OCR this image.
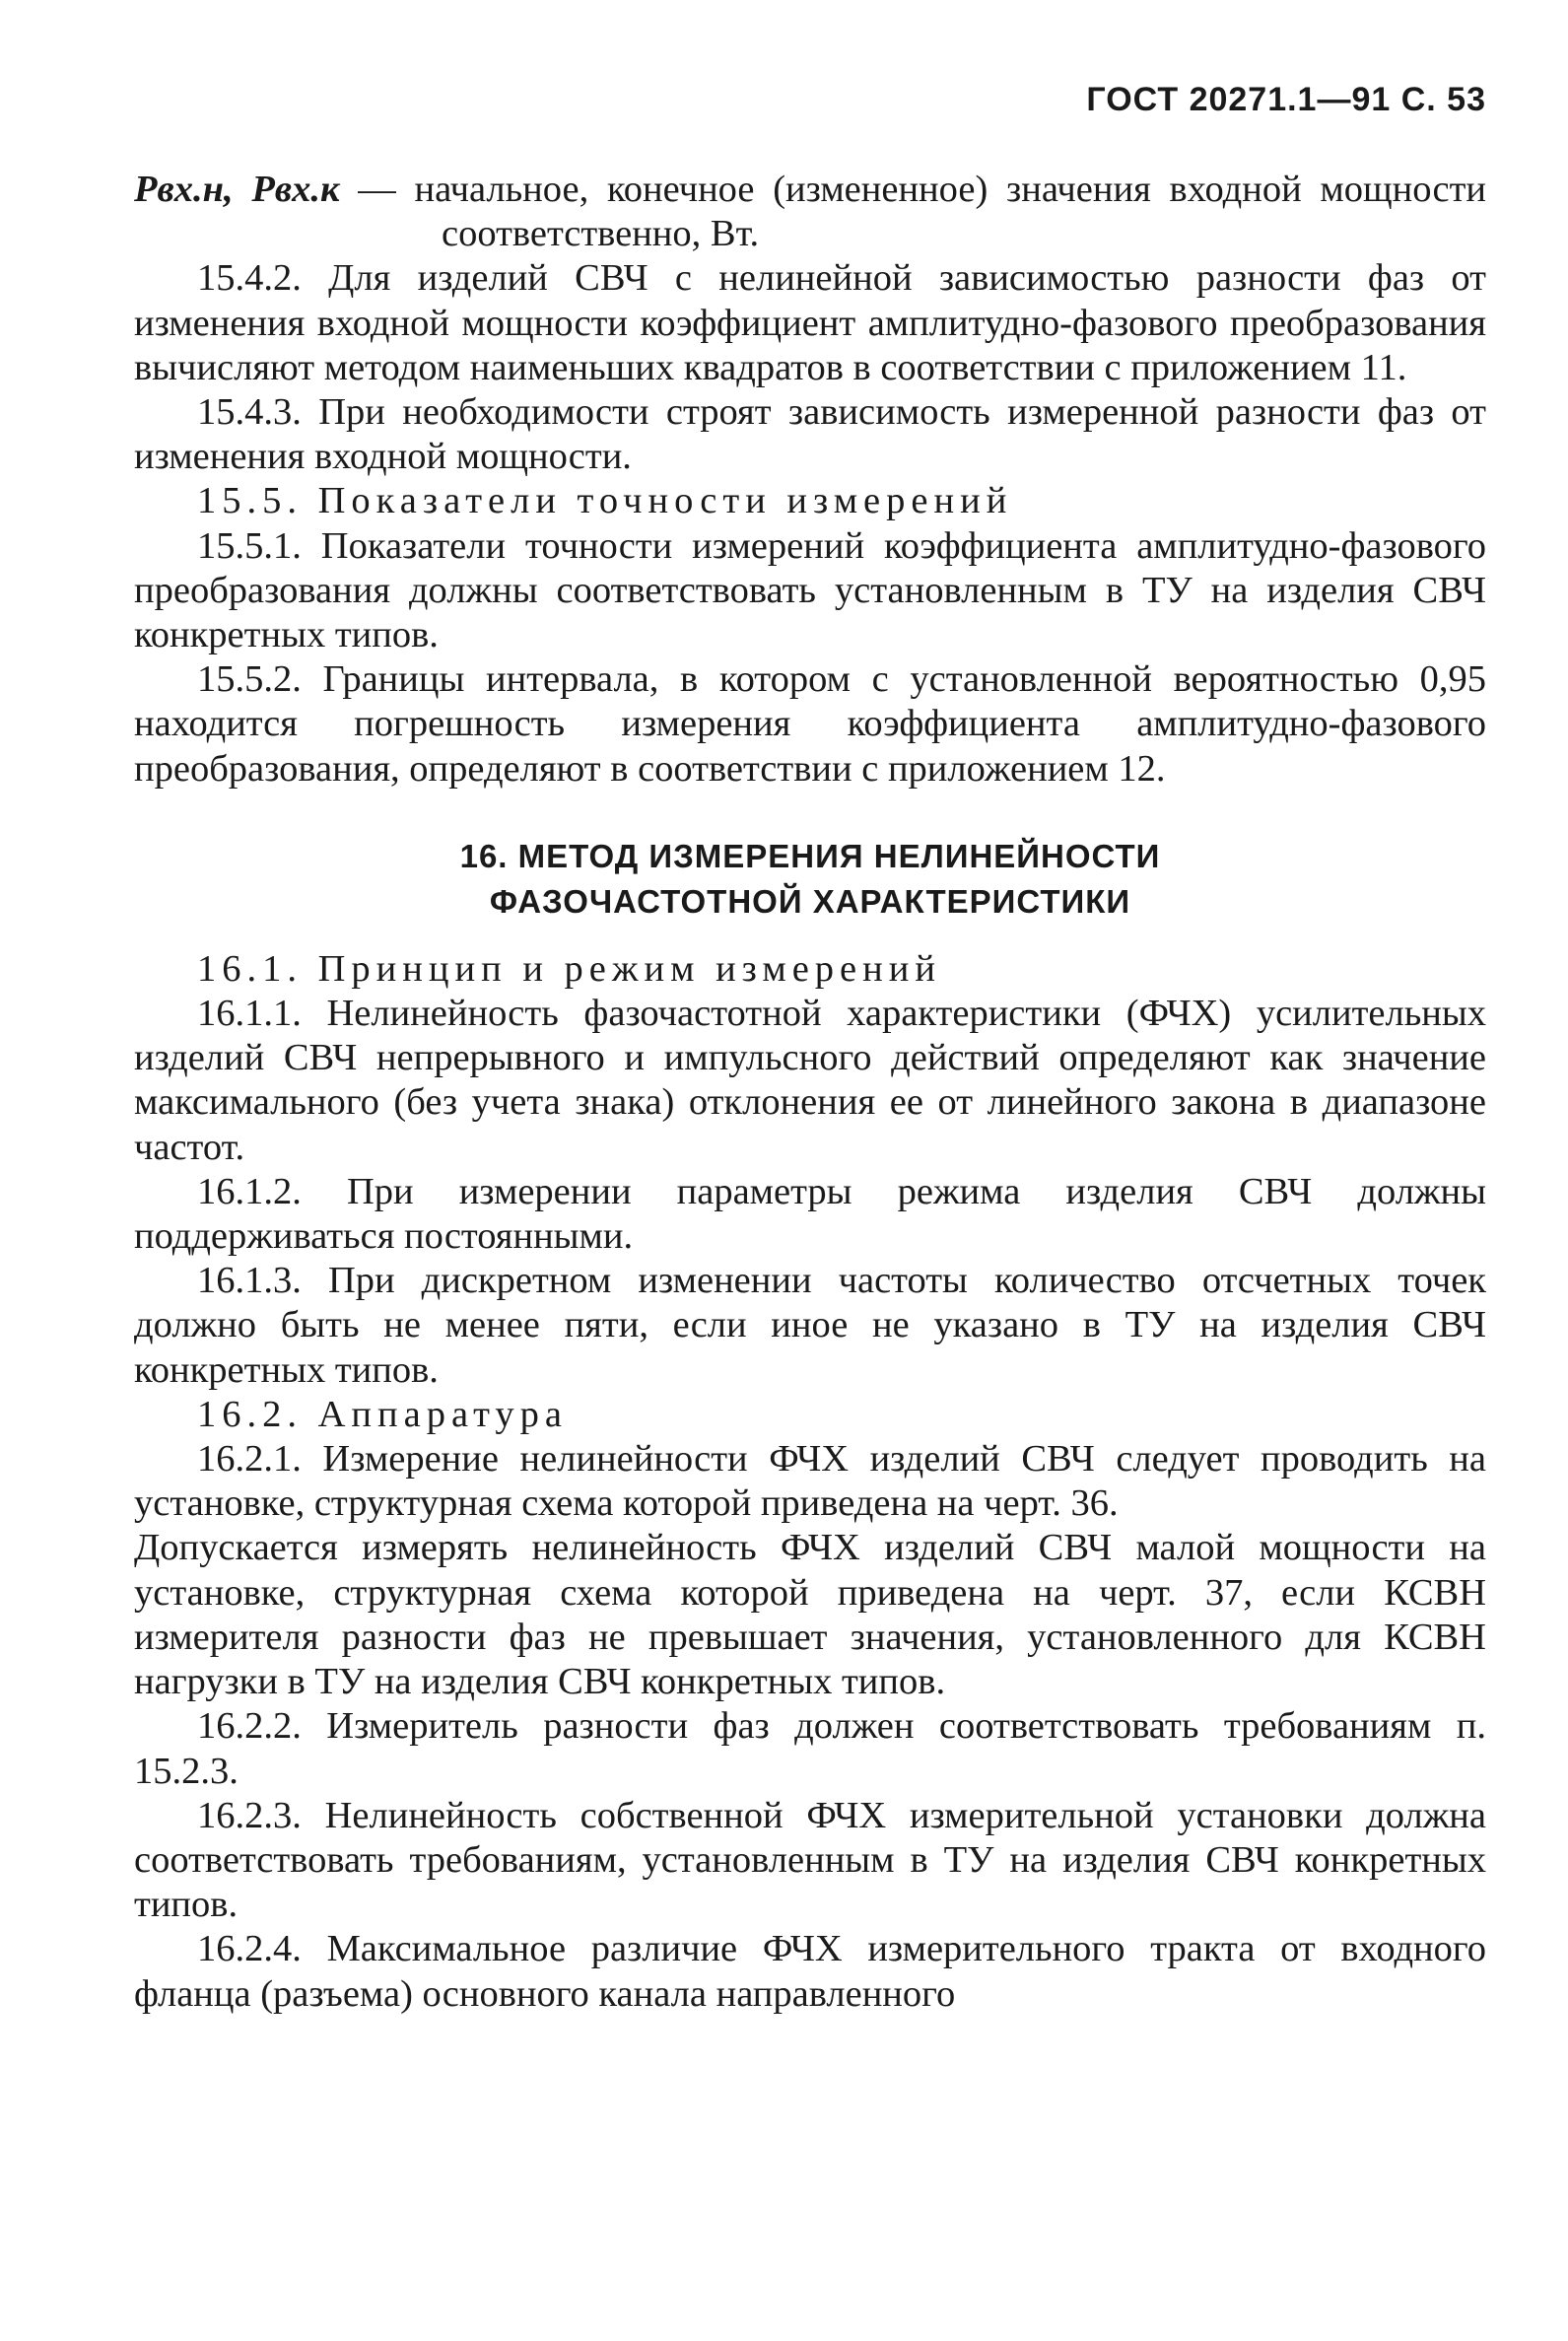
ГОСТ 20271.1—91 С. 53

Pвх.н, Pвх.к — начальное, конечное (измененное) значения входной мощности соответственно, Вт.

15.4.2. Для изделий СВЧ с нелинейной зависимостью разности фаз от изменения входной мощности коэффициент амплитудно-фазового преобразования вычисляют методом наименьших квадратов в соответствии с приложением 11.

15.4.3. При необходимости строят зависимость измеренной разности фаз от изменения входной мощности.

15.5. Показатели точности измерений

15.5.1. Показатели точности измерений коэффициента амплитудно-фазового преобразования должны соответствовать установленным в ТУ на изделия СВЧ конкретных типов.

15.5.2. Границы интервала, в котором с установленной вероятностью 0,95 находится погрешность измерения коэффициента амплитудно-фазового преобразования, определяют в соответствии с приложением 12.

16. МЕТОД ИЗМЕРЕНИЯ НЕЛИНЕЙНОСТИ

ФАЗОЧАСТОТНОЙ ХАРАКТЕРИСТИКИ

16.1. Принцип и режим измерений

16.1.1. Нелинейность фазочастотной характеристики (ФЧХ) усилительных изделий СВЧ непрерывного и импульсного действий определяют как значение максимального (без учета знака) отклонения ее от линейного закона в диапазоне частот.

16.1.2. При измерении параметры режима изделия СВЧ должны поддерживаться постоянными.

16.1.3. При дискретном изменении частоты количество отсчетных точек должно быть не менее пяти, если иное не указано в ТУ на изделия СВЧ конкретных типов.

16.2. Аппаратура

16.2.1. Измерение нелинейности ФЧХ изделий СВЧ следует проводить на установке, структурная схема которой приведена на черт. 36.

Допускается измерять нелинейность ФЧХ изделий СВЧ малой мощности на установке, структурная схема которой приведена на черт. 37, если КСВН измерителя разности фаз не превышает значения, установленного для КСВН нагрузки в ТУ на изделия СВЧ конкретных типов.

16.2.2. Измеритель разности фаз должен соответствовать требованиям п. 15.2.3.

16.2.3. Нелинейность собственной ФЧХ измерительной установки должна соответствовать требованиям, установленным в ТУ на изделия СВЧ конкретных типов.

16.2.4. Максимальное различие ФЧХ измерительного тракта от входного фланца (разъема) основного канала направленного
